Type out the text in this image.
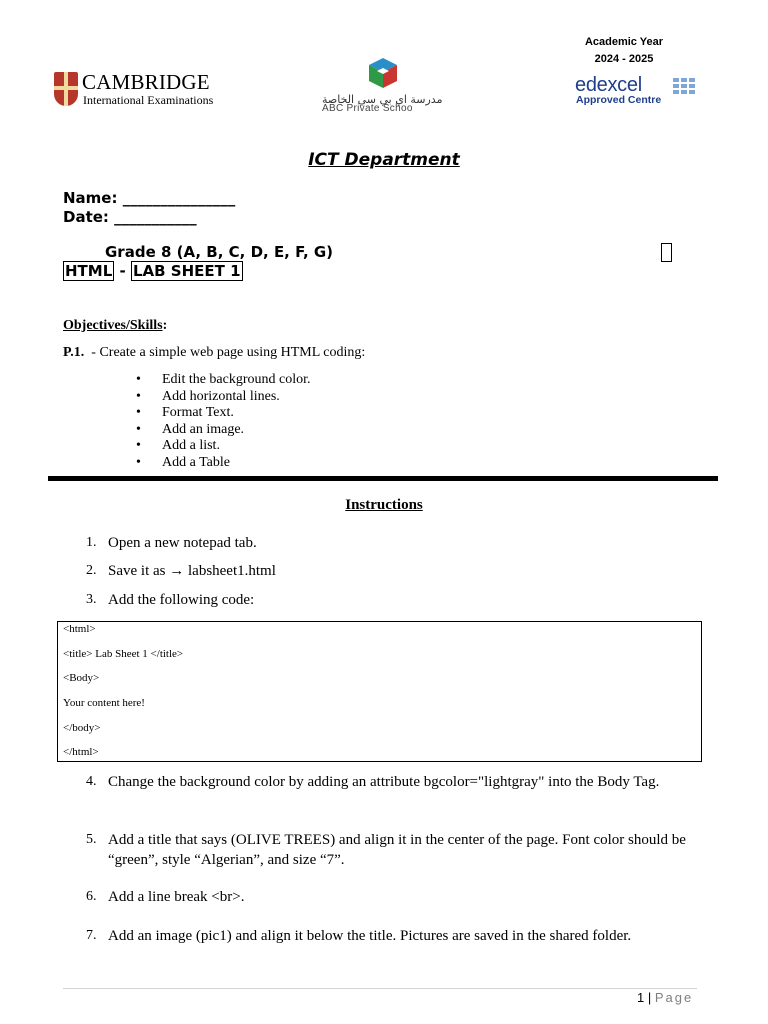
CAMBRIDGE
International Examinations	مدرسة اي بي سي الخاصة
ABC Private Schoo
Academic Year
2024 - 2025
edexcel
Approved Centre
ICT Department
Name: _______________
Date: ___________
Grade 8 (A, B, C, D, E, F, G)
HTML - LAB SHEET 1
Objectives/Skills:
P.1.  - Create a simple web page using HTML coding:
• Edit the background color.
• Add horizontal lines.
• Format Text.
• Add an image.
• Add a list.
• Add a Table
Instructions
1. Open a new notepad tab.
2. Save it as → labsheet1.html
3. Add the following code:
<html>
<title> Lab Sheet 1 </title>
<Body>
Your content here!
</body>
</html>
4. Change the background color by adding an attribute bgcolor="lightgray" into the Body Tag.
5. Add a title that says (OLIVE TREES) and align it in the center of the page. Font color should be “green”, style “Algerian”, and size “7”.
6. Add a line break <br>.
7. Add an image (pic1) and align it below the title. Pictures are saved in the shared folder.
1 | Page
